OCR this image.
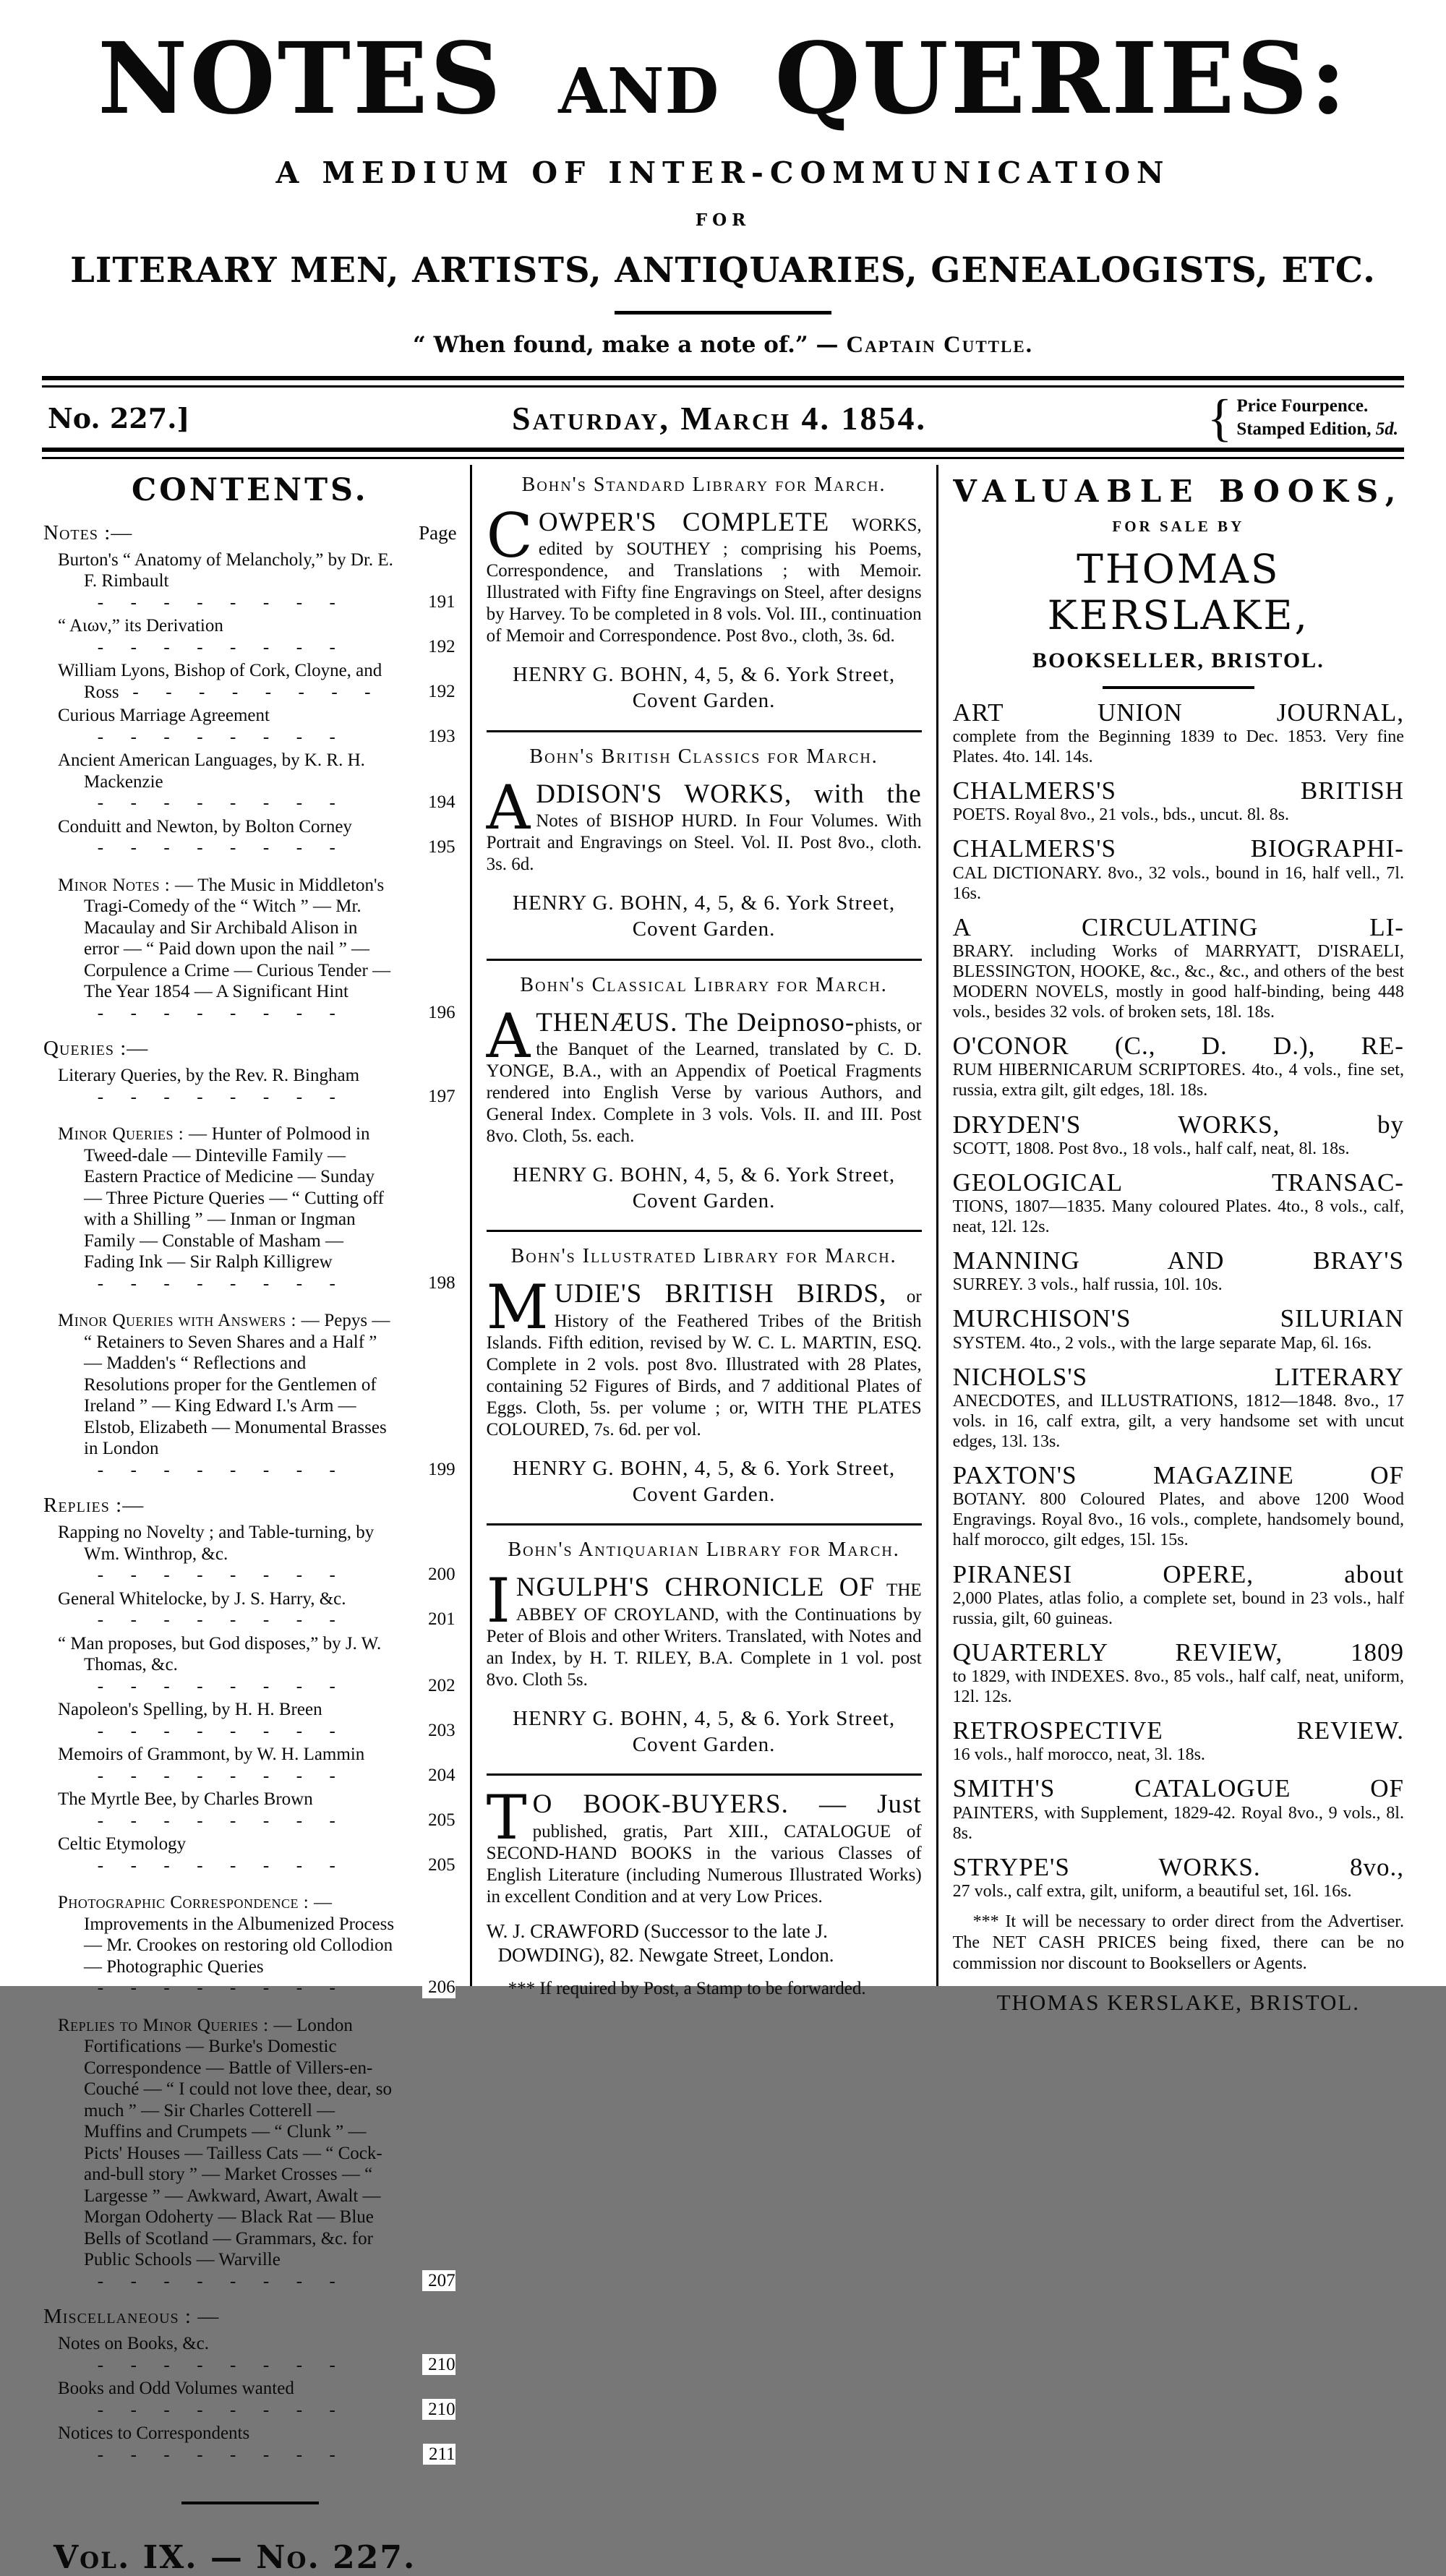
NOTES AND QUERIES:
A MEDIUM OF INTER-COMMUNICATION
FOR
LITERARY MEN, ARTISTS, ANTIQUARIES, GENEALOGISTS, ETC.
“ When found, make a note of.” — Captain Cuttle.
No. 227.]	Saturday, March 4. 1854.	{ Price Fourpence.
Stamped Edition, 5d.
CONTENTS.
Notes :—	Page
Burton's “ Anatomy of Melancholy,” by Dr. E. F. Rimbault   -      -      -      -      -      -      -      -	191
“ Αιων,” its Derivation   -      -      -      -      -      -      -      -	192
William Lyons, Bishop of Cork, Cloyne, and Ross   -      -      -      -      -      -      -      -	192
Curious Marriage Agreement   -      -      -      -      -      -      -      -	193
Ancient American Languages, by K. R. H. Mackenzie   -      -      -      -      -      -      -      -	194
Conduitt and Newton, by Bolton Corney   -      -      -      -      -      -      -      -	195
Minor Notes : — The Music in Middleton's Tragi-Comedy of the “ Witch ” — Mr. Macaulay and Sir Archibald Alison in error — “ Paid down upon the nail ” — Corpulence a Crime — Curious Tender — The Year 1854 — A Significant Hint   -      -      -      -      -      -      -      -	196
Queries :—
Literary Queries, by the Rev. R. Bingham   -      -      -      -      -      -      -      -	197
Minor Queries : — Hunter of Polmood in Tweed-dale — Dinteville Family — Eastern Practice of Medicine — Sunday — Three Picture Queries — “ Cutting off with a Shilling ” — Inman or Ingman Family — Constable of Masham — Fading Ink — Sir Ralph Killigrew   -      -      -      -      -      -      -      -	198
Minor Queries with Answers : — Pepys — “ Retainers to Seven Shares and a Half ” — Madden's “ Reflections and Resolutions proper for the Gentlemen of Ireland ” — King Edward I.'s Arm — Elstob, Elizabeth — Monumental Brasses in London   -      -      -      -      -      -      -      -	199
Replies :—
Rapping no Novelty ; and Table-turning, by Wm. Winthrop, &c.   -      -      -      -      -      -      -      -	200
General Whitelocke, by J. S. Harry, &c.   -      -      -      -      -      -      -      -	201
“ Man proposes, but God disposes,” by J. W. Thomas, &c.   -      -      -      -      -      -      -      -	202
Napoleon's Spelling, by H. H. Breen   -      -      -      -      -      -      -      -	203
Memoirs of Grammont, by W. H. Lammin   -      -      -      -      -      -      -      -	204
The Myrtle Bee, by Charles Brown   -      -      -      -      -      -      -      -	205
Celtic Etymology   -      -      -      -      -      -      -      -	205
Photographic Correspondence : — Improvements in the Albumenized Process — Mr. Crookes on restoring old Collodion — Photographic Queries   -      -      -      -      -      -      -      -	206
Replies to Minor Queries : — London Fortifications — Burke's Domestic Correspondence — Battle of Villers-en-Couché — “ I could not love thee, dear, so much ” — Sir Charles Cotterell — Muffins and Crumpets — “ Clunk ” — Picts' Houses — Tailless Cats — “ Cock-and-bull story ” — Market Crosses — “ Largesse ” — Awkward, Awart, Awalt — Morgan Odoherty — Black Rat — Blue Bells of Scotland — Grammars, &c. for Public Schools — Warville   -      -      -      -      -      -      -      -	207
Miscellaneous : —
Notes on Books, &c.   -      -      -      -      -      -      -      -	210
Books and Odd Volumes wanted   -      -      -      -      -      -      -      -	210
Notices to Correspondents   -      -      -      -      -      -      -      -	211
Vol. IX. — No. 227.
Bohn's Standard Library for March.

COWPER'S COMPLETE WORKS, edited by SOUTHEY ; comprising his Poems, Correspondence, and Translations ; with Memoir. Illustrated with Fifty fine Engravings on Steel, after designs by Harvey. To be completed in 8 vols. Vol. III., continuation of Memoir and Correspondence. Post 8vo., cloth, 3s. 6d.

HENRY G. BOHN, 4, 5, & 6. York Street,
Covent Garden.
Bohn's British Classics for March.

ADDISON'S WORKS, with the Notes of BISHOP HURD. In Four Volumes. With Portrait and Engravings on Steel. Vol. II. Post 8vo., cloth. 3s. 6d.

HENRY G. BOHN, 4, 5, & 6. York Street,
Covent Garden.
Bohn's Classical Library for March.

ATHENÆUS. The Deipnoso-phists, or the Banquet of the Learned, translated by C. D. YONGE, B.A., with an Appendix of Poetical Fragments rendered into English Verse by various Authors, and General Index. Complete in 3 vols. Vols. II. and III. Post 8vo. Cloth, 5s. each.

HENRY G. BOHN, 4, 5, & 6. York Street,
Covent Garden.
Bohn's Illustrated Library for March.

MUDIE'S BRITISH BIRDS, or History of the Feathered Tribes of the British Islands. Fifth edition, revised by W. C. L. MARTIN, ESQ. Complete in 2 vols. post 8vo. Illustrated with 28 Plates, containing 52 Figures of Birds, and 7 additional Plates of Eggs. Cloth, 5s. per volume ; or, WITH THE PLATES COLOURED, 7s. 6d. per vol.

HENRY G. BOHN, 4, 5, & 6. York Street,
Covent Garden.
Bohn's Antiquarian Library for March.

INGULPH'S CHRONICLE OF THE ABBEY OF CROYLAND, with the Continuations by Peter of Blois and other Writers. Translated, with Notes and an Index, by H. T. RILEY, B.A. Complete in 1 vol. post 8vo. Cloth 5s.

HENRY G. BOHN, 4, 5, & 6. York Street,
Covent Garden.

T O BOOK-BUYERS. — Just published, gratis, Part XIII., CATALOGUE of SECOND-HAND BOOKS in the various Classes of English Literature (including Numerous Illustrated Works) in excellent Condition and at very Low Prices.

W. J. CRAWFORD (Successor to the late J. DOWDING), 82. Newgate Street, London.

*** If required by Post, a Stamp to be forwarded.

VALUABLE BOOKS,
FOR SALE BY
THOMAS KERSLAKE,
BOOKSELLER, BRISTOL.
ART UNION JOURNAL,
complete from the Beginning 1839 to Dec. 1853. Very fine Plates. 4to. 14l. 14s.
CHALMERS'S BRITISH
POETS. Royal 8vo., 21 vols., bds., uncut. 8l. 8s.
CHALMERS'S BIOGRAPHI-
CAL DICTIONARY. 8vo., 32 vols., bound in 16, half vell., 7l. 16s.
A CIRCULATING LI-
BRARY. including Works of MARRYATT, D'ISRAELI, BLESSINGTON, HOOKE, &c., &c., &c., and others of the best MODERN NOVELS, mostly in good half-binding, being 448 vols., besides 32 vols. of broken sets, 18l. 18s.
O'CONOR (C., D. D.), RE-
RUM HIBERNICARUM SCRIPTORES. 4to., 4 vols., fine set, russia, extra gilt, gilt edges, 18l. 18s.
DRYDEN'S WORKS, by
SCOTT, 1808. Post 8vo., 18 vols., half calf, neat, 8l. 18s.
GEOLOGICAL TRANSAC-
TIONS, 1807—1835. Many coloured Plates. 4to., 8 vols., calf, neat, 12l. 12s.
MANNING AND BRAY'S
SURREY. 3 vols., half russia, 10l. 10s.
MURCHISON'S SILURIAN
SYSTEM. 4to., 2 vols., with the large separate Map, 6l. 16s.
NICHOLS'S LITERARY
ANECDOTES, and ILLUSTRATIONS, 1812—1848. 8vo., 17 vols. in 16, calf extra, gilt, a very handsome set with uncut edges, 13l. 13s.
PAXTON'S MAGAZINE OF
BOTANY. 800 Coloured Plates, and above 1200 Wood Engravings. Royal 8vo., 16 vols., complete, handsomely bound, half morocco, gilt edges, 15l. 15s.
PIRANESI OPERE, about
2,000 Plates, atlas folio, a complete set, bound in 23 vols., half russia, gilt, 60 guineas.
QUARTERLY REVIEW, 1809
to 1829, with INDEXES. 8vo., 85 vols., half calf, neat, uniform, 12l. 12s.
RETROSPECTIVE REVIEW.
16 vols., half morocco, neat, 3l. 18s.
SMITH'S CATALOGUE OF
PAINTERS, with Supplement, 1829-42. Royal 8vo., 9 vols., 8l. 8s.
STRYPE'S WORKS. 8vo.,
27 vols., calf extra, gilt, uniform, a beautiful set, 16l. 16s.

*** It will be necessary to order direct from the Advertiser. The NET CASH PRICES being fixed, there can be no commission nor discount to Booksellers or Agents.

THOMAS KERSLAKE, BRISTOL.
